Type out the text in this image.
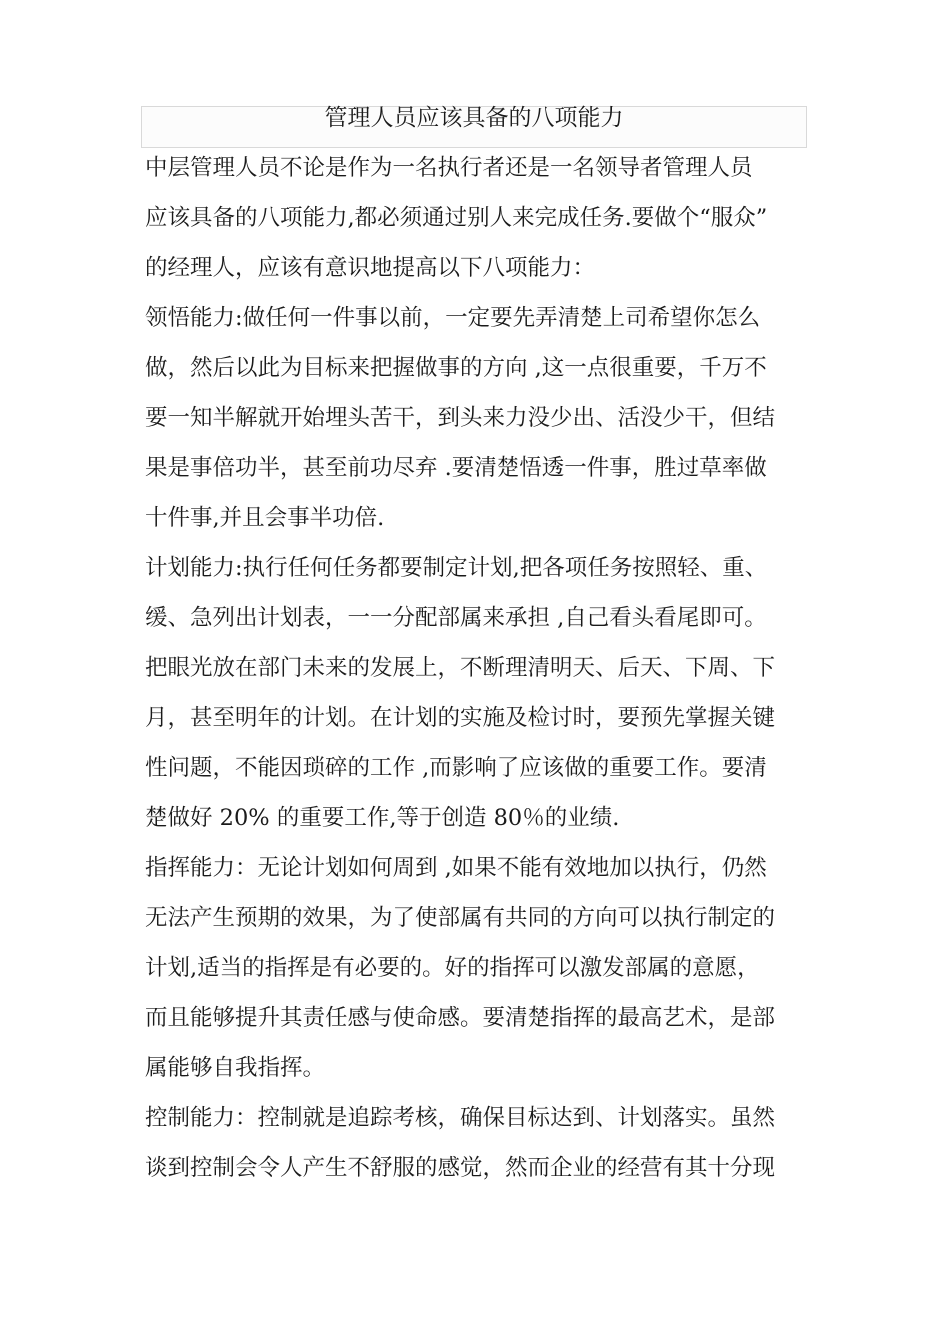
管理人员应该具备的八项能力
中层管理人员不论是作为一名执行者还是一名领导者管理人员
应该具备的八项能力,都必须通过别人来完成任务.要做个“服众”
的经理人，应该有意识地提高以下八项能力：
领悟能力:做任何一件事以前，一定要先弄清楚上司希望你怎么
做，然后以此为目标来把握做事的方向 ,这一点很重要，千万不
要一知半解就开始埋头苦干，到头来力没少出、活没少干，但结
果是事倍功半，甚至前功尽弃 .要清楚悟透一件事，胜过草率做
十件事,并且会事半功倍.
计划能力:执行任何任务都要制定计划,把各项任务按照轻、重、
缓、急列出计划表，一一分配部属来承担 ,自己看头看尾即可。
把眼光放在部门未来的发展上，不断理清明天、后天、下周、下
月，甚至明年的计划。在计划的实施及检讨时，要预先掌握关键
性问题，不能因琐碎的工作 ,而影响了应该做的重要工作。要清
楚做好 20% 的重要工作,等于创造 80％的业绩.
指挥能力：无论计划如何周到 ,如果不能有效地加以执行，仍然
无法产生预期的效果，为了使部属有共同的方向可以执行制定的
计划,适当的指挥是有必要的。好的指挥可以激发部属的意愿，
而且能够提升其责任感与使命感。要清楚指挥的最高艺术，是部
属能够自我指挥。
控制能力：控制就是追踪考核，确保目标达到、计划落实。虽然
谈到控制会令人产生不舒服的感觉，然而企业的经营有其十分现
